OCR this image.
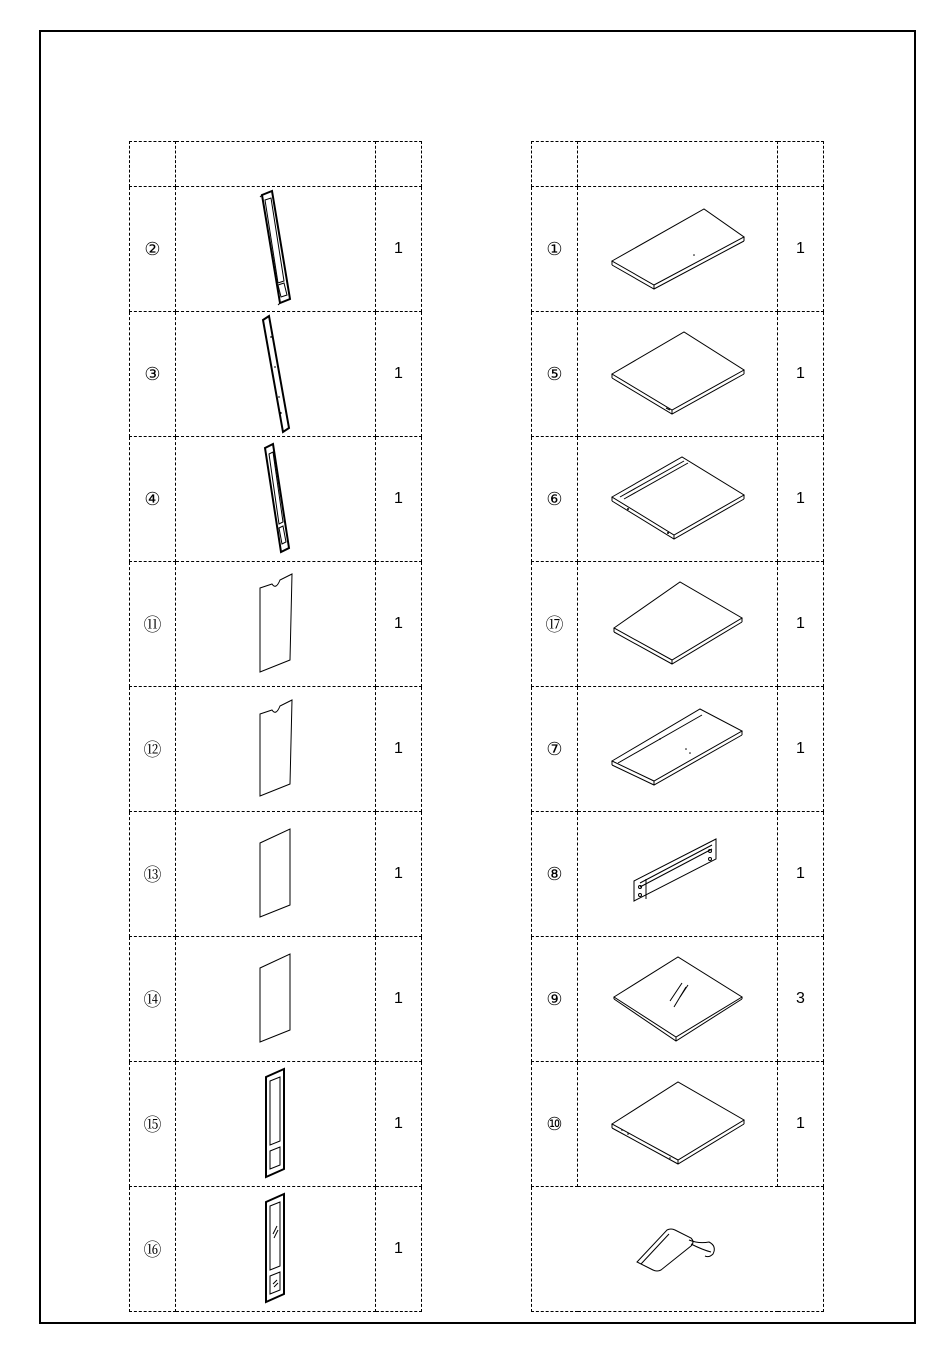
②		1
③		1
④		1
⑪		1
⑫		1
⑬		1
⑭		1
⑮		1
⑯		1

①		1
⑤		1
⑥		1
⑰		1
⑦		1
⑧		1
⑨		3
⑩		1
